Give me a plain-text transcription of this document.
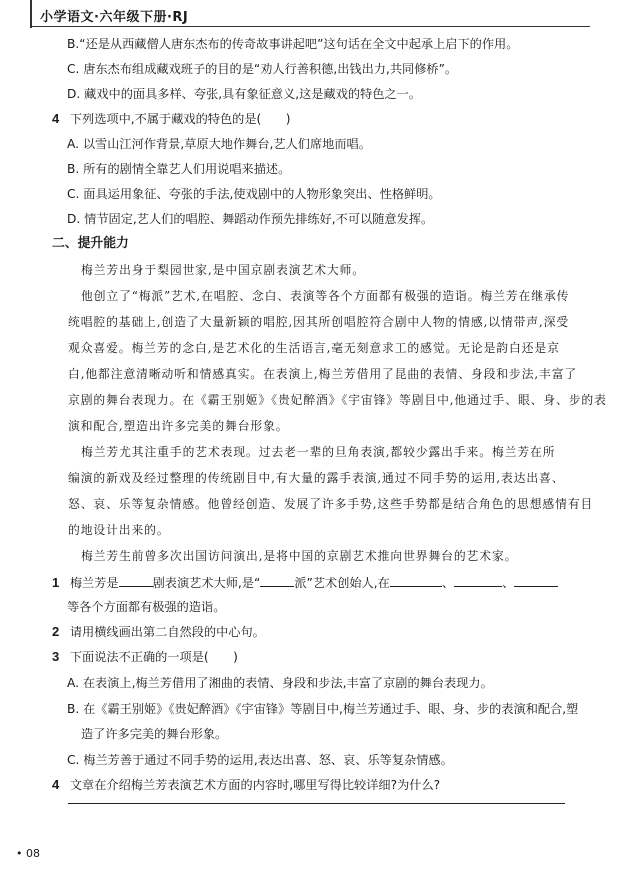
小学语文·六年级下册·RJ
B.“还是从西藏僧人唐东杰布的传奇故事讲起吧”这句话在全文中起承上启下的作用。
C. 唐东杰布组成藏戏班子的目的是“劝人行善积德,出钱出力,共同修桥”。
D. 藏戏中的面具多样、夸张,具有象征意义,这是藏戏的特色之一。
4 下列选项中,不属于藏戏的特色的是(　　)
A. 以雪山江河作背景,草原大地作舞台,艺人们席地而唱。
B. 所有的剧情全靠艺人们用说唱来描述。
C. 面具运用象征、夸张的手法,使戏剧中的人物形象突出、性格鲜明。
D. 情节固定,艺人们的唱腔、舞蹈动作预先排练好,不可以随意发挥。
二、提升能力
梅兰芳出身于梨园世家,是中国京剧表演艺术大师。
他创立了“梅派”艺术,在唱腔、念白、表演等各个方面都有极强的造诣。梅兰芳在继承传
统唱腔的基础上,创造了大量新颖的唱腔,因其所创唱腔符合剧中人物的情感,以情带声,深受
观众喜爱。梅兰芳的念白,是艺术化的生活语言,毫无刻意求工的感觉。无论是韵白还是京
白,他都注意清晰动听和情感真实。在表演上,梅兰芳借用了昆曲的表情、身段和步法,丰富了
京剧的舞台表现力。在《霸王别姬》《贵妃醉酒》《宇宙锋》等剧目中,他通过手、眼、身、步的表
演和配合,塑造出许多完美的舞台形象。
梅兰芳尤其注重手的艺术表现。过去老一辈的旦角表演,都较少露出手来。梅兰芳在所
编演的新戏及经过整理的传统剧目中,有大量的露手表演,通过不同手势的运用,表达出喜、
怒、哀、乐等复杂情感。他曾经创造、发展了许多手势,这些手势都是结合角色的思想感情有目
的地设计出来的。
梅兰芳生前曾多次出国访问演出,是将中国的京剧艺术推向世界舞台的艺术家。
1 梅兰芳是	剧表演艺术大师,是“	派”艺术创始人,在	、	、
等各个方面都有极强的造诣。
2 请用横线画出第二自然段的中心句。
3 下面说法不正确的一项是(　　)
A. 在表演上,梅兰芳借用了湘曲的表情、身段和步法,丰富了京剧的舞台表现力。
B. 在《霸王别姬》《贵妃醉酒》《宇宙锋》等剧目中,梅兰芳通过手、眼、身、步的表演和配合,塑
造了许多完美的舞台形象。
C. 梅兰芳善于通过不同手势的运用,表达出喜、怒、哀、乐等复杂情感。
4 文章在介绍梅兰芳表演艺术方面的内容时,哪里写得比较详细?为什么?
• 08
